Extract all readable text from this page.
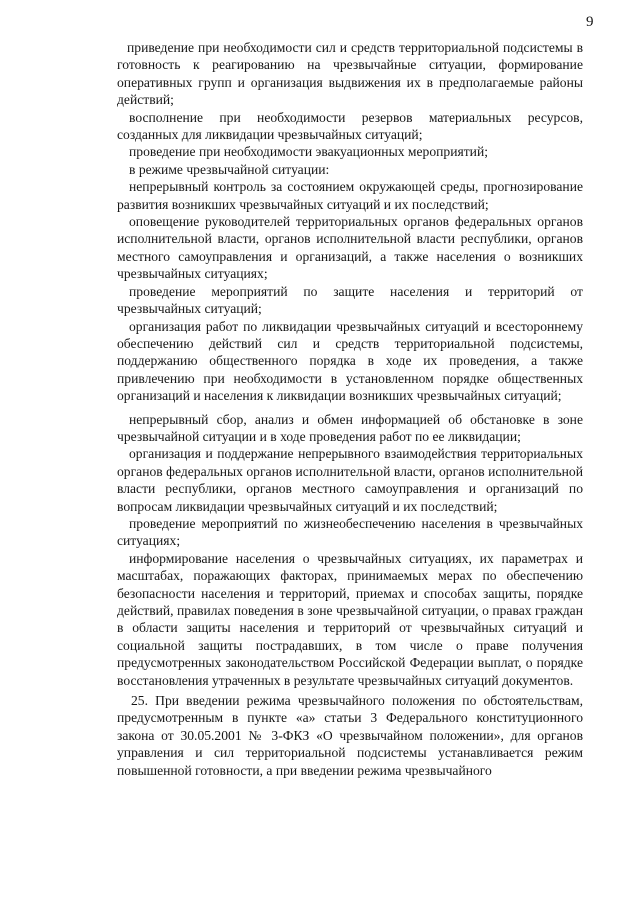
9

приведение при необходимости сил и средств территориальной подсистемы в готовность к реагированию на чрезвычайные ситуации, формирование оперативных групп и организация выдвижения их в предполагаемые районы действий;

восполнение при необходимости резервов материальных ресурсов, созданных для ликвидации чрезвычайных ситуаций;

проведение при необходимости эвакуационных мероприятий;

в режиме чрезвычайной ситуации:

непрерывный контроль за состоянием окружающей среды, прогнозирование развития возникших чрезвычайных ситуаций и их последствий;

оповещение руководителей территориальных органов федеральных органов исполнительной власти, органов исполнительной власти республики, органов местного самоуправления и организаций, а также населения о возникших чрезвычайных ситуациях;

проведение мероприятий по защите населения и территорий от чрезвычайных ситуаций;

организация работ по ликвидации чрезвычайных ситуаций и всестороннему обеспечению действий сил и средств территориальной подсистемы, поддержанию общественного порядка в ходе их проведения, а также привлечению при необходимости в установленном порядке общественных организаций и населения к ликвидации возникших чрезвычайных ситуаций;

непрерывный сбор, анализ и обмен информацией об обстановке в зоне чрезвычайной ситуации и в ходе проведения работ по ее ликвидации;

организация и поддержание непрерывного взаимодействия территориальных органов федеральных органов исполнительной власти, органов исполнительной власти республики, органов местного самоуправления и организаций по вопросам ликвидации чрезвычайных ситуаций и их последствий;

проведение мероприятий по жизнеобеспечению населения в чрезвычайных ситуациях;

информирование населения о чрезвычайных ситуациях, их параметрах и масштабах, поражающих факторах, принимаемых мерах по обеспечению безопасности населения и территорий, приемах и способах защиты, порядке действий, правилах поведения в зоне чрезвычайной ситуации, о правах граждан в области защиты населения и территорий от чрезвычайных ситуаций и социальной защиты пострадавших, в том числе о праве получения предусмотренных законодательством Российской Федерации выплат, о порядке восстановления утраченных в результате чрезвычайных ситуаций документов.

25. При введении режима чрезвычайного положения по обстоятельствам, предусмотренным в пункте «а» статьи 3 Федерального конституционного закона от 30.05.2001 № 3-ФКЗ «О чрезвычайном положении», для органов управления и сил территориальной подсистемы устанавливается режим повышенной готовности, а при введении режима чрезвычайного
